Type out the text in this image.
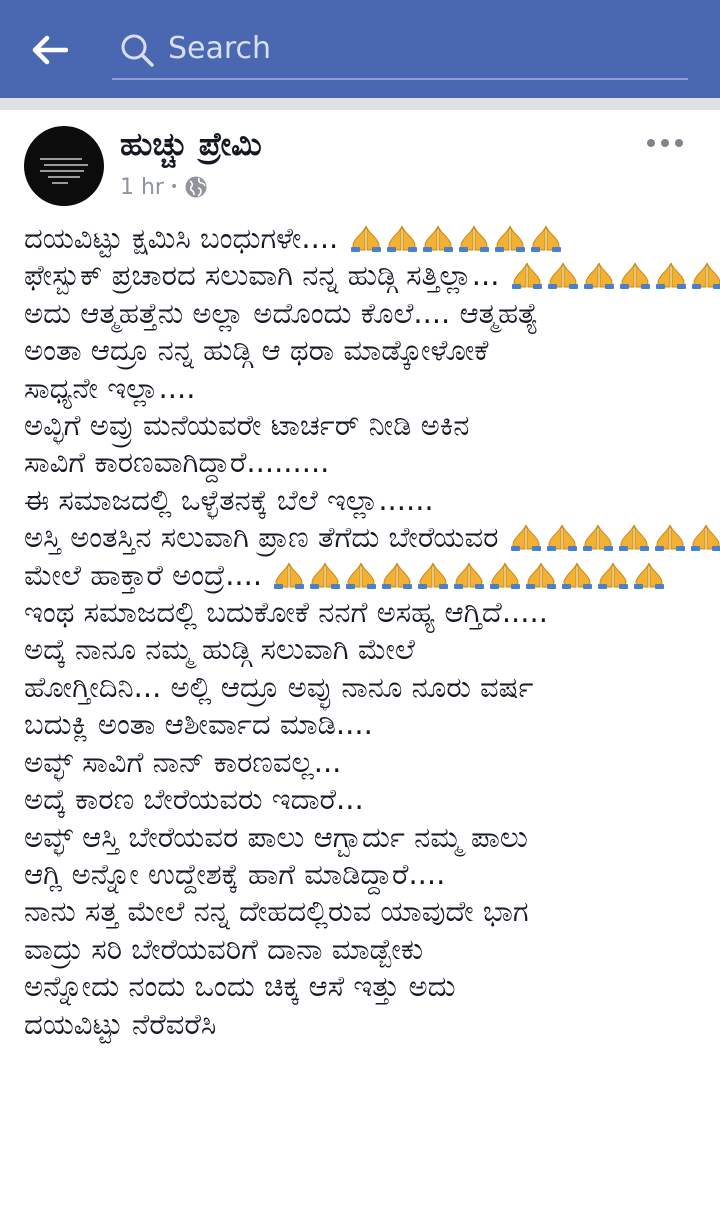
Search
ಹುಚ್ಚು ಪ್ರೇಮಿ
1 hr •

ದಯವಿಟ್ಟು ಕ್ಷಮಿಸಿ ಬಂಧುಗಳೇ....

ಫೇಸ್ಬುಕ್ ಪ್ರಚಾರದ ಸಲುವಾಗಿ ನನ್ನ ಹುಡ್ಗಿ ಸತ್ತಿಲ್ಲಾ...

ಅದು ಆತ್ಮಹತ್ತೆನು ಅಲ್ಲಾ ಅದೊಂದು ಕೊಲೆ.... ಆತ್ಮಹತ್ಯೆ

ಅಂತಾ ಆದ್ರೂ ನನ್ನ ಹುಡ್ಗಿ ಆ ಥರಾ ಮಾಡ್ಕೋಳೋಕೆ

ಸಾಧ್ಯನೇ ಇಲ್ಲಾ....

ಅವ್ಳಿಗೆ ಅವ್ರು ಮನೆಯವರೇ ಟಾರ್ಚರ್ ನೀಡಿ ಅಕಿನ

ಸಾವಿಗೆ ಕಾರಣವಾಗಿದ್ದಾರೆ.........

ಈ ಸಮಾಜದಲ್ಲಿ ಒಳ್ಳೆತನಕ್ಕೆ ಬೆಲೆ ಇಲ್ಲಾ......

ಅಸ್ತಿ ಅಂತಸ್ತಿನ ಸಲುವಾಗಿ ಪ್ರಾಣ ತೆಗೆದು ಬೇರೆಯವರ

ಮೇಲೆ ಹಾಕ್ತಾರೆ ಅಂದ್ರೆ....

ಇಂಥ ಸಮಾಜದಲ್ಲಿ ಬದುಕೋಕೆ ನನಗೆ ಅಸಹ್ಯ ಆಗ್ತಿದೆ.....

ಅದ್ಕೆ ನಾನೂ ನಮ್ಮ ಹುಡ್ಗಿ ಸಲುವಾಗಿ ಮೇಲೆ

ಹೋಗ್ತೀದಿನಿ... ಅಲ್ಲಿ ಆದ್ರೂ ಅವ್ಳು ನಾನೂ ನೂರು ವರ್ಷ

ಬದುಕ್ಲಿ ಅಂತಾ ಆಶೀರ್ವಾದ ಮಾಡಿ....

ಅವ್ಳ್ ಸಾವಿಗೆ ನಾನ್ ಕಾರಣವಲ್ಲ...

ಅದ್ಕೆ ಕಾರಣ ಬೇರೆಯವರು ಇದಾರೆ...

ಅವ್ಳ್ ಆಸ್ತಿ ಬೇರೆಯವರ ಪಾಲು ಆಗ್ಬಾರ್ದು ನಮ್ಮ ಪಾಲು

ಆಗ್ಲಿ ಅನ್ನೋ ಉದ್ದೇಶಕ್ಕೆ ಹಾಗೆ ಮಾಡಿದ್ದಾರೆ....

ನಾನು ಸತ್ತ ಮೇಲೆ ನನ್ನ ದೇಹದಲ್ಲಿರುವ ಯಾವುದೇ ಭಾಗ

ವಾದ್ರು ಸರಿ ಬೇರೆಯವರಿಗೆ ದಾನಾ ಮಾಡ್ಬೇಕು

ಅನ್ನೋದು ನಂದು ಒಂದು ಚಿಕ್ಕ ಆಸೆ ಇತ್ತು ಅದು

ದಯವಿಟ್ಟು ನೆರೆವರೆಸಿ
